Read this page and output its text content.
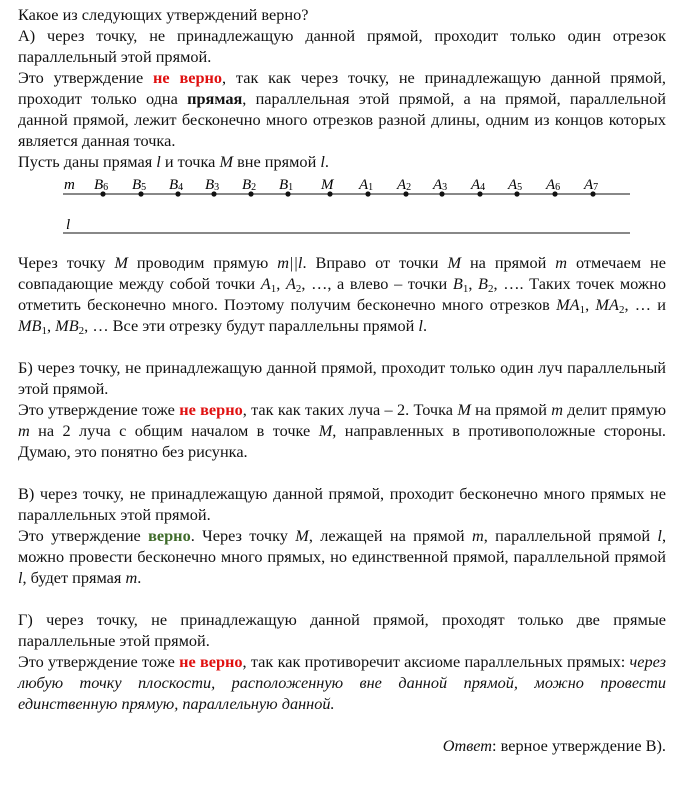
Какое из следующих утверждений верно?

А) через точку, не принадлежащую данной прямой, проходит только один отрезок параллельный этой прямой.

Это утверждение не верно, так как через точку, не принадлежащую данной прямой, проходит только одна прямая, параллельная этой прямой, а на прямой, параллельной данной прямой, лежит бесконечно много отрезков разной длины, одним из концов которых является данная точка.

Пусть даны прямая l и точка M вне прямой l.

m
l
B6 B5 B4 B3 B2 B1 M A1 A2 A3 A4 A5 A6 A7

Через точку M проводим прямую m||l. Вправо от точки M на прямой m отмечаем не совпадающие между собой точки $A_1$, $A_2$, …, а влево – точки $B_1$, $B_2$, …. Таких точек можно отметить бесконечно много. Поэтому получим бесконечно много отрезков $MA_1$, $MA_2$, … и $MB_1$, $MB_2$, … Все эти отрезку будут параллельны прямой l.

Б) через точку, не принадлежащую данной прямой, проходит только один луч параллельный этой прямой.

Это утверждение тоже не верно, так как таких луча – 2. Точка M на прямой m делит прямую m на 2 луча с общим началом в точке M, направленных в противоположные стороны. Думаю, это понятно без рисунка.

В) через точку, не принадлежащую данной прямой, проходит бесконечно много прямых не параллельных этой прямой.

Это утверждение верно. Через точку M, лежащей на прямой m, параллельной прямой l, можно провести бесконечно много прямых, но единственной прямой, параллельной прямой l, будет прямая m.

Г) через точку, не принадлежащую данной прямой, проходят только две прямые параллельные этой прямой.

Это утверждение тоже не верно, так как противоречит аксиоме параллельных прямых: через любую точку плоскости, расположенную вне данной прямой, можно провести единственную прямую, параллельную данной.

Ответ: верное утверждение В).
